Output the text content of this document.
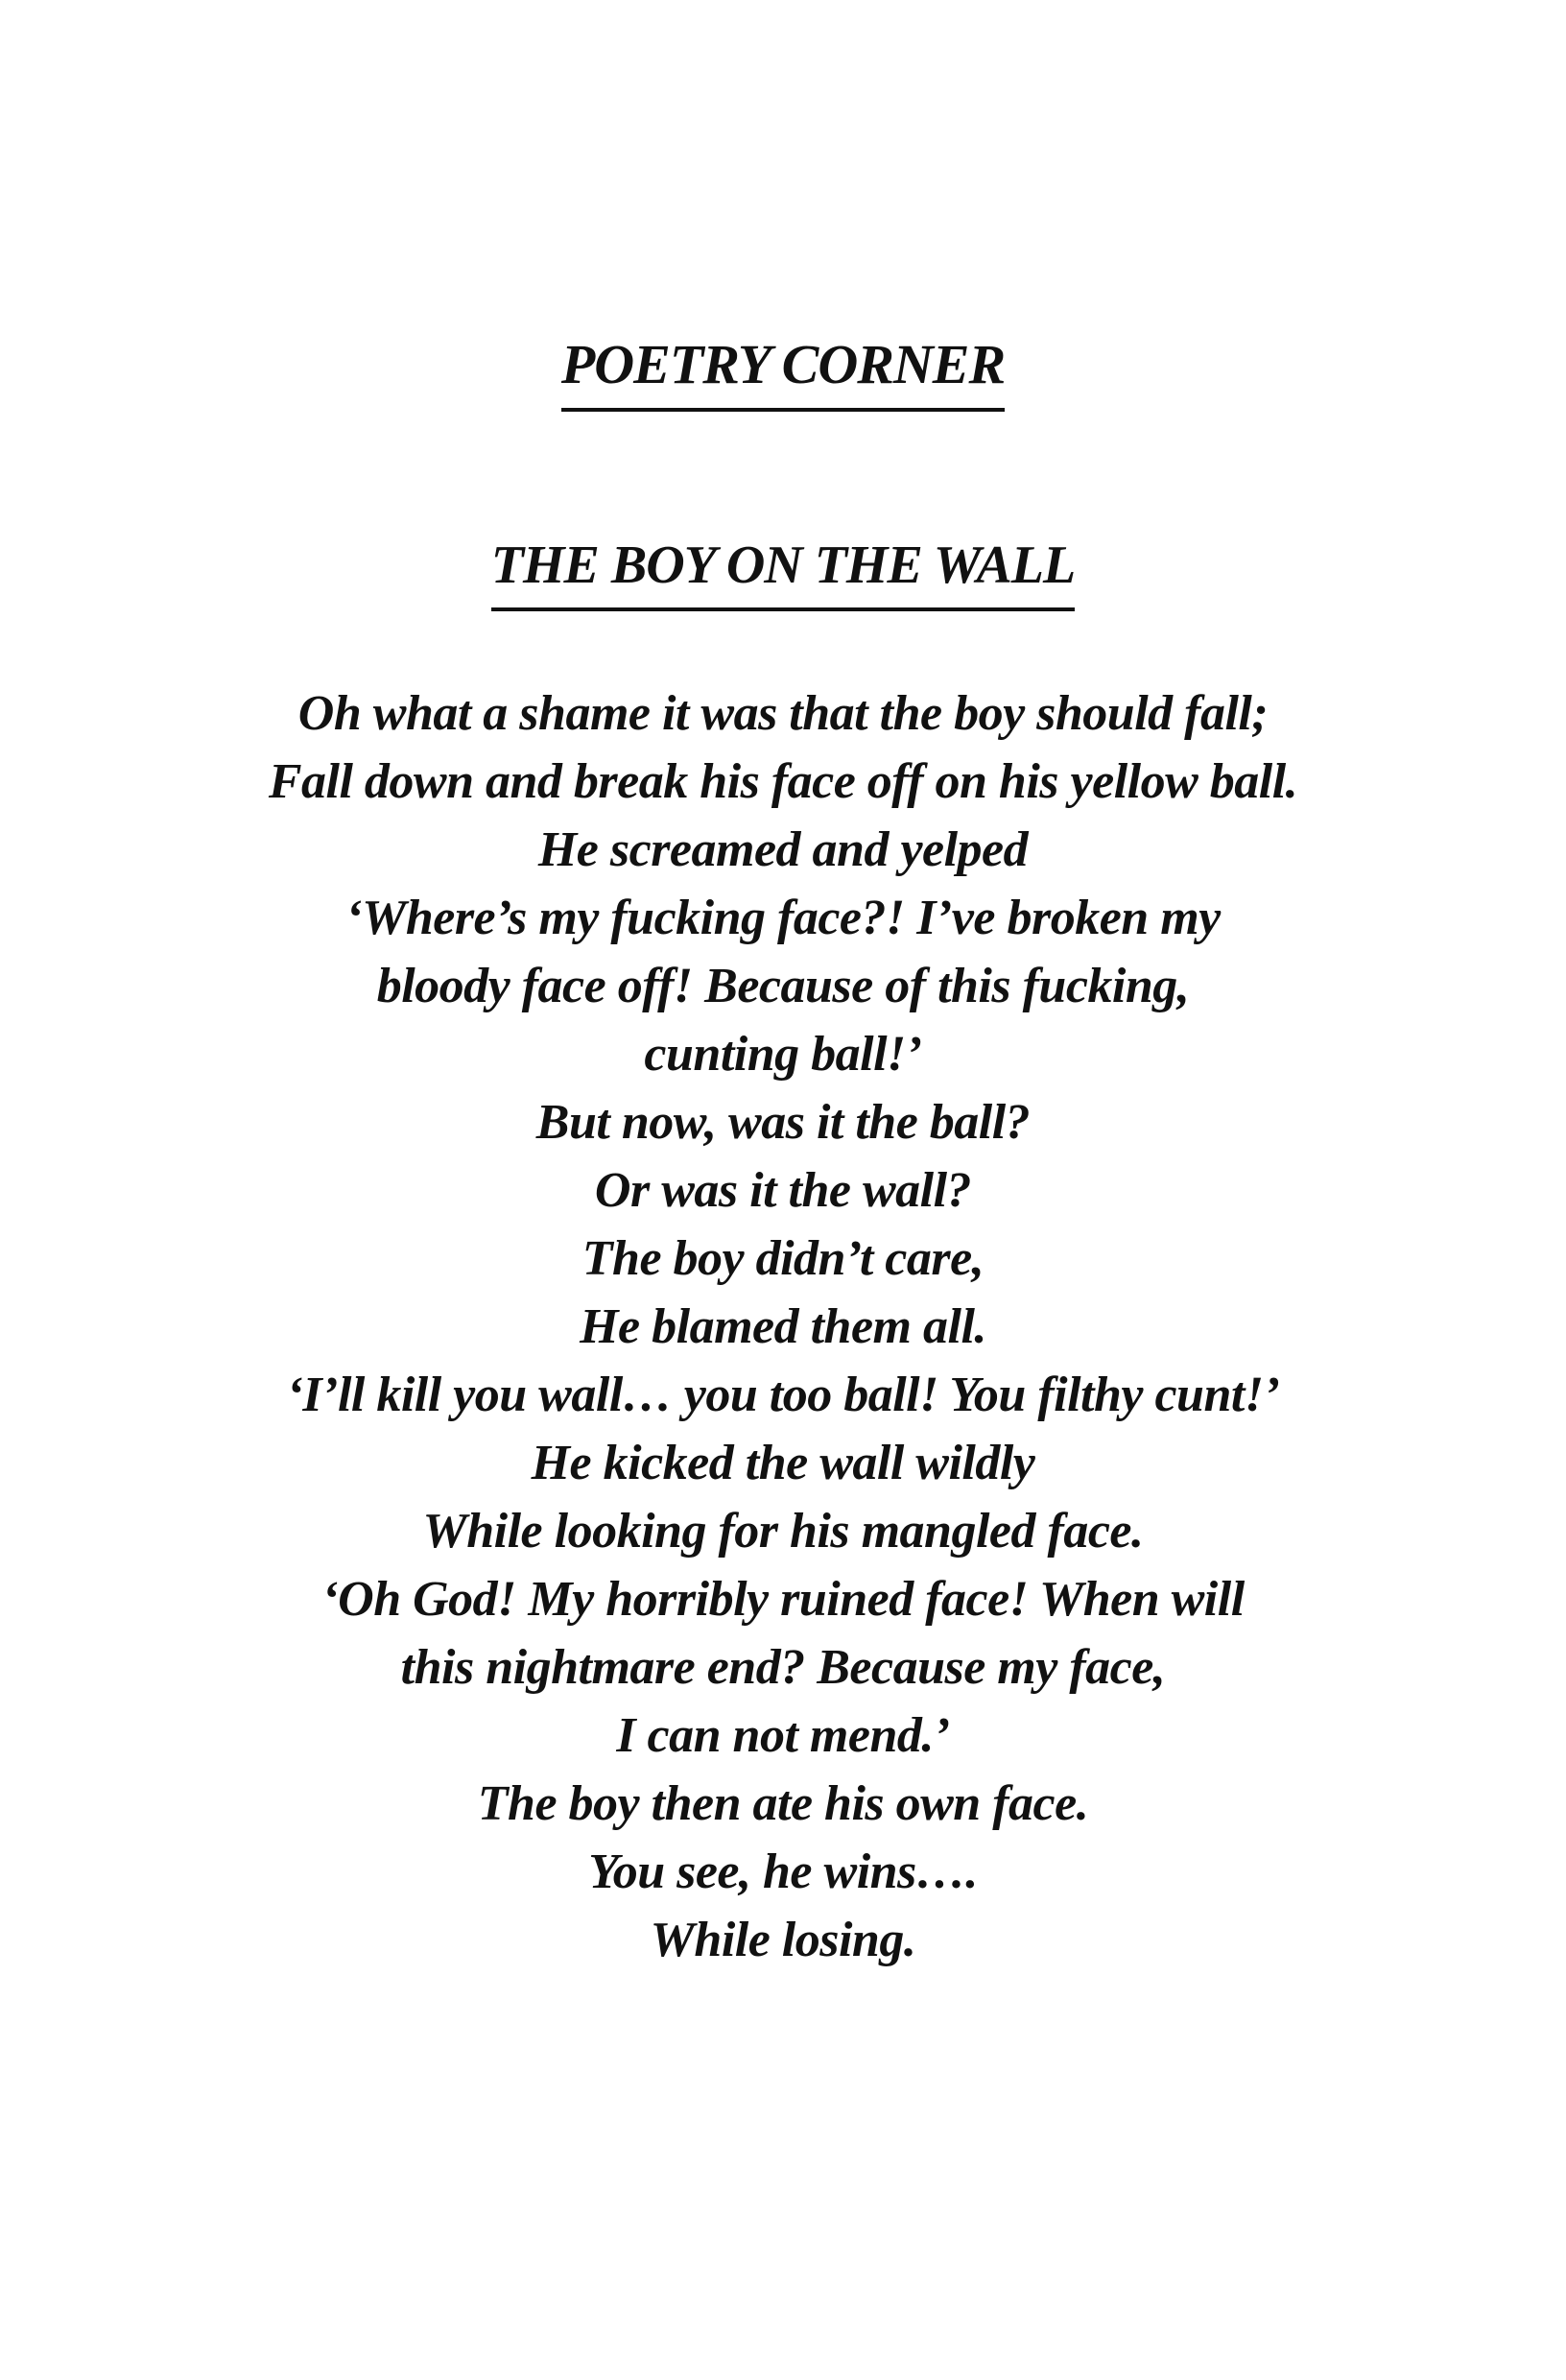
POETRY CORNER
THE BOY ON THE WALL
Oh what a shame it was that the boy should fall;
Fall down and break his face off on his yellow ball.
He screamed and yelped
‘Where’s my fucking face?! I’ve broken my
bloody face off! Because of this fucking,
cunting ball!’
But now, was it the ball?
Or was it the wall?
The boy didn’t care,
He blamed them all.
‘I’ll kill you wall… you too ball! You filthy cunt!’
He kicked the wall wildly
While looking for his mangled face.
‘Oh God! My horribly ruined face! When will
this nightmare end? Because my face,
I can not mend.’
The boy then ate his own face.
You see, he wins….
While losing.
